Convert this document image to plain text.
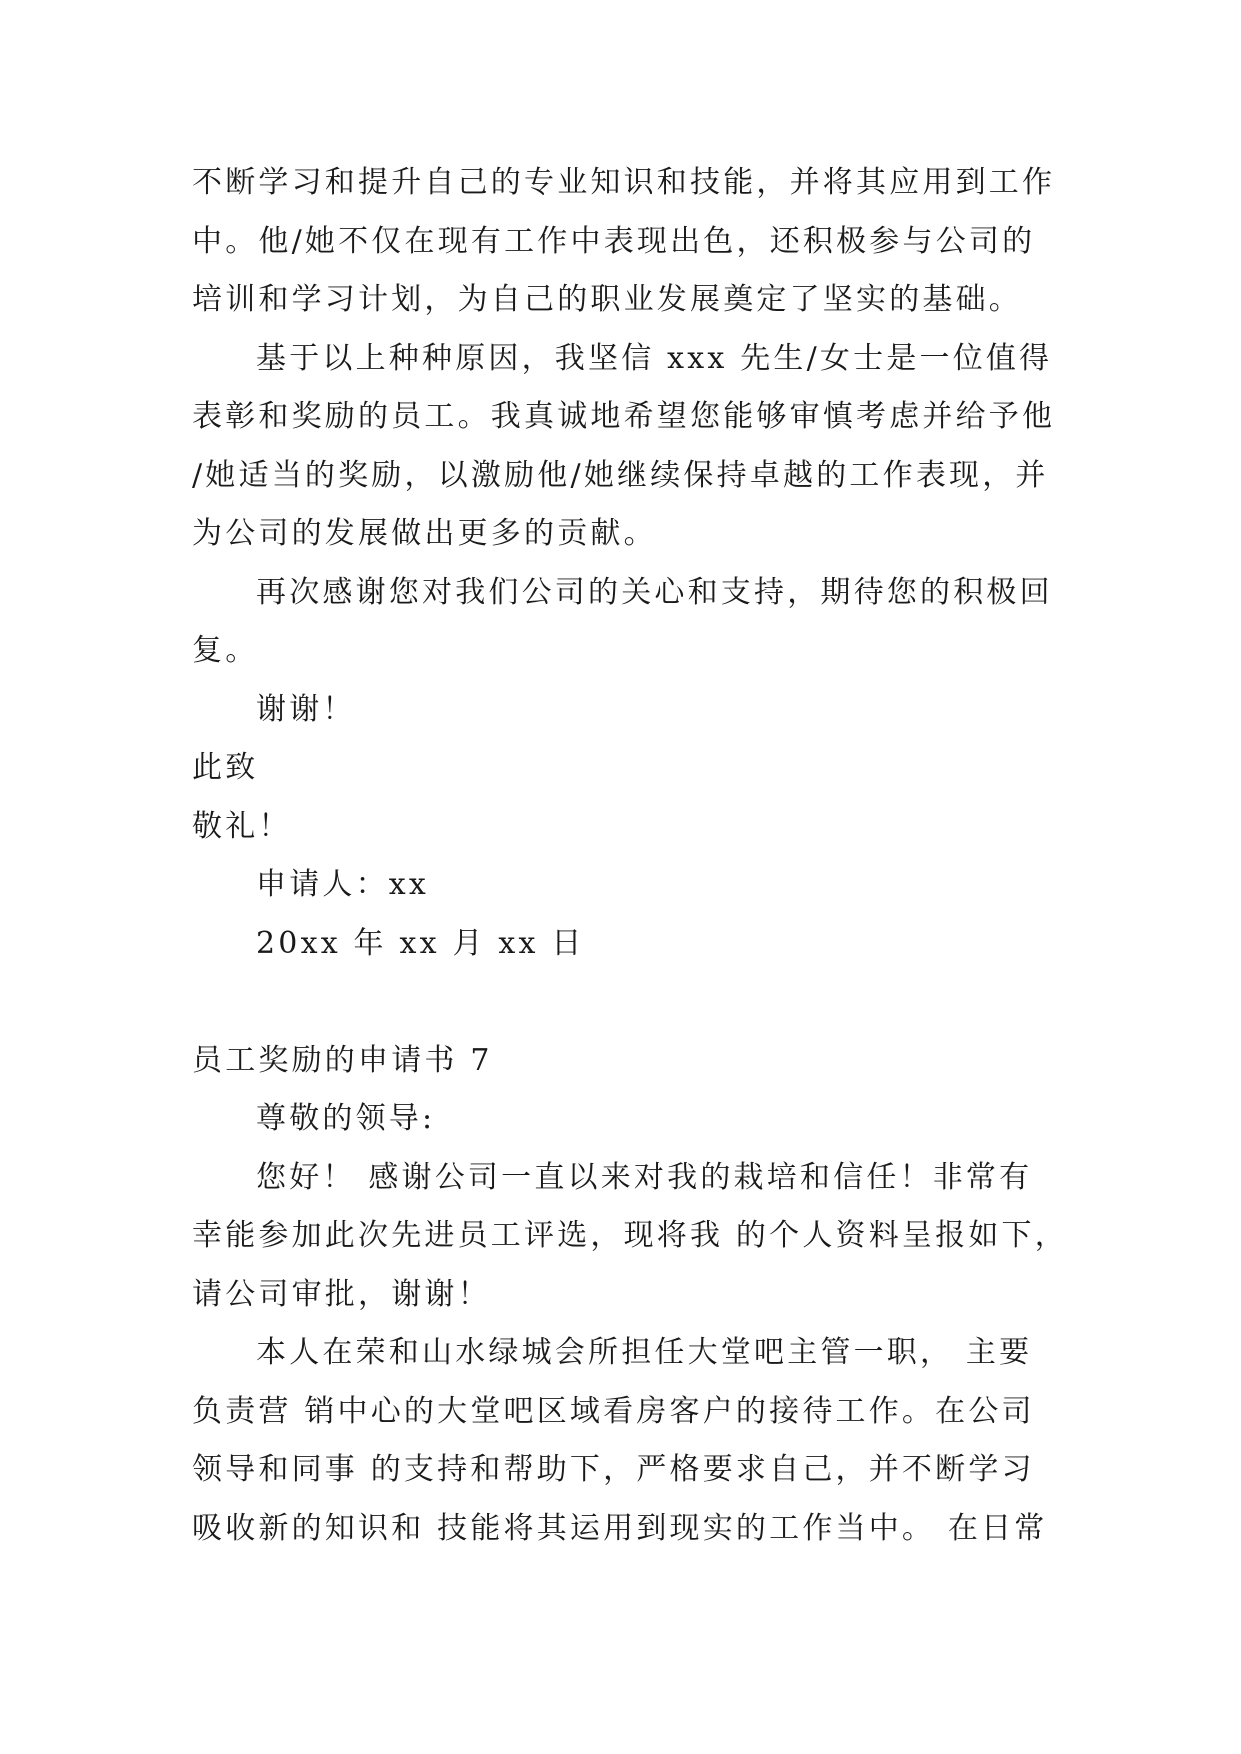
不断学习和提升自己的专业知识和技能，并将其应用到工作
中。他/她不仅在现有工作中表现出色，还积极参与公司的
培训和学习计划，为自己的职业发展奠定了坚实的基础。
基于以上种种原因，我坚信 xxx 先生/女士是一位值得
表彰和奖励的员工。我真诚地希望您能够审慎考虑并给予他
/她适当的奖励，以激励他/她继续保持卓越的工作表现，并
为公司的发展做出更多的贡献。
再次感谢您对我们公司的关心和支持，期待您的积极回
复。
谢谢！
此致
敬礼！
申请人：xx
20xx 年 xx 月 xx 日
员工奖励的申请书 7
尊敬的领导:
您好！ 感谢公司一直以来对我的栽培和信任！非常有
幸能参加此次先进员工评选，现将我 的个人资料呈报如下，
请公司审批，谢谢！
本人在荣和山水绿城会所担任大堂吧主管一职， 主要
负责营 销中心的大堂吧区域看房客户的接待工作。在公司
领导和同事 的支持和帮助下，严格要求自己，并不断学习
吸收新的知识和 技能将其运用到现实的工作当中。 在日常
